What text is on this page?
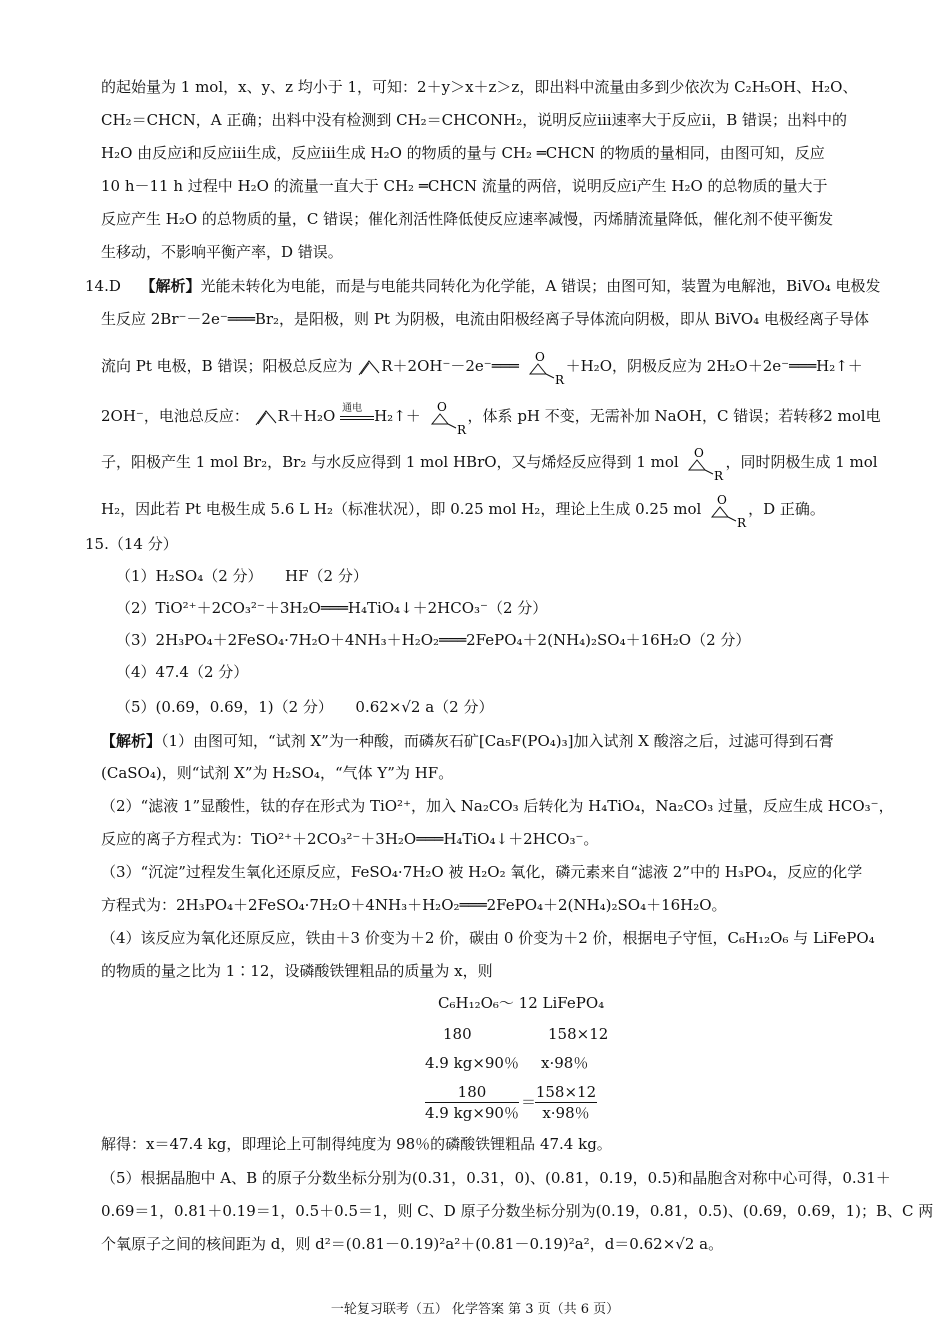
的起始量为 1 mol，x、y、z 均小于 1，可知：2＋y＞x＋z＞z，即出料中流量由多到少依次为 C₂H₅OH、H₂O、
CH₂＝CHCN，A 正确；出料中没有检测到 CH₂＝CHCONH₂，说明反应ⅲ速率大于反应ⅱ，B 错误；出料中的
H₂O 由反应ⅰ和反应ⅲ生成，反应ⅲ生成 H₂O 的物质的量与 CH₂ ═CHCN 的物质的量相同，由图可知，反应
10 h－11 h 过程中 H₂O 的流量一直大于 CH₂ ═CHCN 流量的两倍，说明反应ⅰ产生 H₂O 的总物质的量大于
反应产生 H₂O 的总物质的量，C 错误；催化剂活性降低使反应速率减慢，丙烯腈流量降低，催化剂不使平衡发
生移动，不影响平衡产率，D 错误。
14.D 【解析】光能未转化为电能，而是与电能共同转化为化学能，A 错误；由图可知，装置为电解池，BiVO₄ 电极发
生反应 2Br⁻－2e⁻═══Br₂，是阳极，则 Pt 为阴极，电流由阳极经离子导体流向阴极，即从 BiVO₄ 电极经离子导体
流向 Pt 电极，B 错误；阳极总反应为 R＋2OH⁻－2e⁻═══ O
R
＋H₂O，阴极反应为 2H₂O＋2e⁻═══H₂↑＋
2OH⁻，电池总反应： R＋H₂O 通电 H₂↑＋ O
R
，体系 pH 不变，无需补加 NaOH，C 错误；若转移2 mol电
子，阳极产生 1 mol Br₂，Br₂ 与水反应得到 1 mol HBrO，又与烯烃反应得到 1 mol O
R
，同时阴极生成 1 mol
H₂，因此若 Pt 电极生成 5.6 L H₂（标准状况），即 0.25 mol H₂，理论上生成 0.25 mol O
R
，D 正确。
15.（14 分）
（1）H₂SO₄（2 分）　　HF（2 分）
（2）TiO²⁺＋2CO₃²⁻＋3H₂O═══H₄TiO₄↓＋2HCO₃⁻（2 分）
（3）2H₃PO₄＋2FeSO₄·7H₂O＋4NH₃＋H₂O₂═══2FePO₄＋2(NH₄)₂SO₄＋16H₂O（2 分）
（4）47.4（2 分）
（5）(0.69，0.69，1)（2 分）　　0.62×√2 a（2 分）
【解析】（1）由图可知，“试剂 X”为一种酸，而磷灰石矿[Ca₅F(PO₄)₃]加入试剂 X 酸溶之后，过滤可得到石膏
(CaSO₄)，则“试剂 X”为 H₂SO₄，“气体 Y”为 HF。
（2）“滤液 1”显酸性，钛的存在形式为 TiO²⁺，加入 Na₂CO₃ 后转化为 H₄TiO₄，Na₂CO₃ 过量，反应生成 HCO₃⁻，
反应的离子方程式为：TiO²⁺＋2CO₃²⁻＋3H₂O═══H₄TiO₄↓＋2HCO₃⁻。
（3）“沉淀”过程发生氧化还原反应，FeSO₄·7H₂O 被 H₂O₂ 氧化，磷元素来自“滤液 2”中的 H₃PO₄，反应的化学
方程式为：2H₃PO₄＋2FeSO₄·7H₂O＋4NH₃＋H₂O₂═══2FePO₄＋2(NH₄)₂SO₄＋16H₂O。
（4）该反应为氧化还原反应，铁由＋3 价变为＋2 价，碳由 0 价变为＋2 价，根据电子守恒，C₆H₁₂O₆ 与 LiFePO₄
的物质的量之比为 1∶12，设磷酸铁锂粗品的质量为 x，则
C₆H₁₂O₆～ 12 LiFePO₄
180	158×12
4.9 kg×90％ x·98％
180
4.9 kg×90％
＝
158×12
x·98％
解得：x＝47.4 kg，即理论上可制得纯度为 98％的磷酸铁锂粗品 47.4 kg。
（5）根据晶胞中 A、B 的原子分数坐标分别为(0.31，0.31，0)、(0.81，0.19，0.5)和晶胞含对称中心可得，0.31＋
0.69＝1，0.81＋0.19＝1，0.5＋0.5＝1，则 C、D 原子分数坐标分别为(0.19，0.81，0.5)、(0.69，0.69，1)；B、C 两
个氧原子之间的核间距为 d，则 d²＝(0.81－0.19)²a²＋(0.81－0.19)²a²，d＝0.62×√2 a。
一轮复习联考（五） 化学答案 第 3 页（共 6 页）
